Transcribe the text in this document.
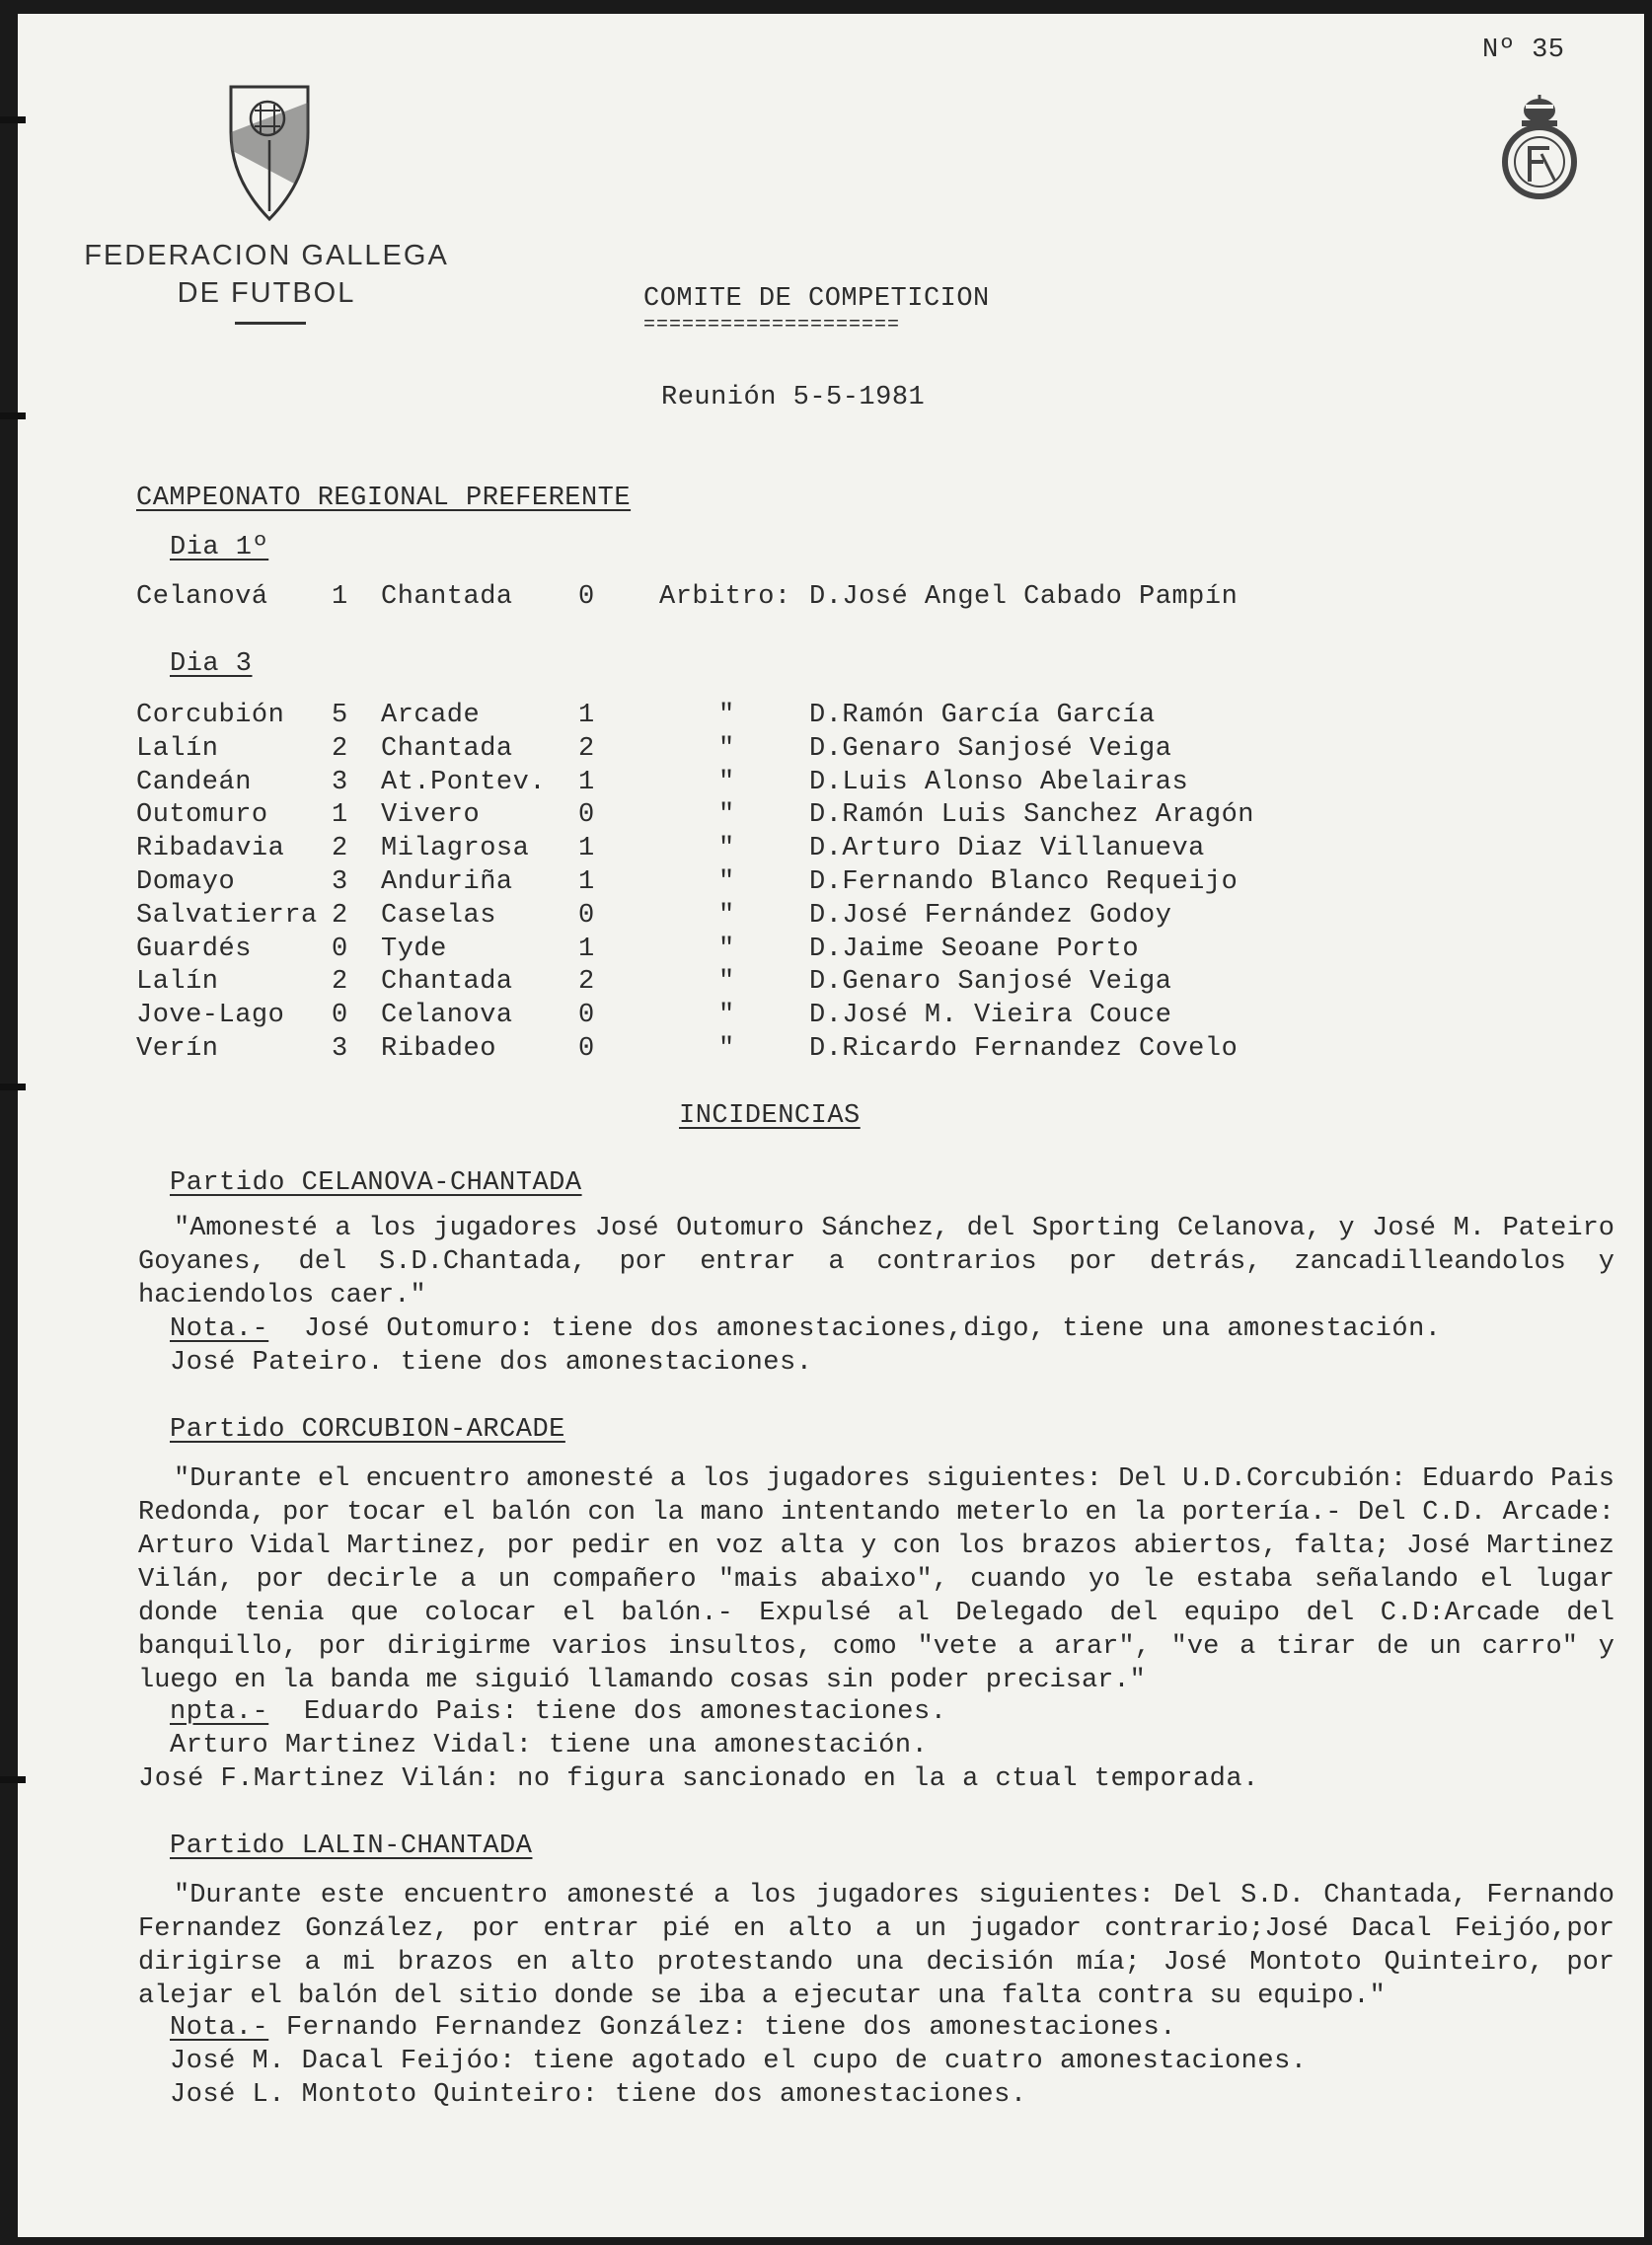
Nº 35
FEDERACION GALLEGA
DE FUTBOL	COMITE DE COMPETICION
====================
Reunión 5-5-1981
CAMPEONATO REGIONAL PREFERENTE
Dia 1º
Celanová 1 Chantada 0 Arbitro: D.José Angel Cabado Pampín
Dia 3
Corcubión 5 Arcade	1	"	D.Ramón García García
Lalín	2 Chantada 2	"	D.Genaro Sanjosé Veiga
Candeán	3 At.Pontev. 1	"	D.Luis Alonso Abelairas
Outomuro 1 Vivero	0	"	D.Ramón Luis Sanchez Aragón
Ribadavia 2 Milagrosa 1	"	D.Arturo Diaz Villanueva
Domayo	3 Anduriña 1	"	D.Fernando Blanco Requeijo
Salvatierra 2 Caselas	0	"	D.José Fernández Godoy
Guardés	0 Tyde	1	"	D.Jaime Seoane Porto
Lalín	2 Chantada 2	"	D.Genaro Sanjosé Veiga
Jove-Lago 0 Celanova 0	"	D.José M. Vieira Couce
Verín	3 Ribadeo	0	"	D.Ricardo Fernandez Covelo
INCIDENCIAS
Partido CELANOVA-CHANTADA

"Amonesté a los jugadores José Outomuro Sánchez, del Sporting Celanova, y José M. Pateiro Goyanes, del S.D.Chantada, por entrar a contrarios por detrás, zancadilleandolos y haciendolos caer."

Nota.- José Outomuro: tiene dos amonestaciones,digo, tiene una amonestación.
José Pateiro. tiene dos amonestaciones.
Partido CORCUBION-ARCADE

"Durante el encuentro amonesté a los jugadores siguientes: Del U.D.Corcubión: Eduardo Pais Redonda, por tocar el balón con la mano intentando meterlo en la portería.- Del C.D. Arcade: Arturo Vidal Martinez, por pedir en voz alta y con los brazos abiertos, falta; José Martinez Vilán, por decirle a un compañero "mais abaixo", cuando yo le estaba señalando el lugar donde tenia que colocar el balón.- Expulsé al Delegado del equipo del C.D:Arcade del banquillo, por dirigirme varios insultos, como "vete a arar", "ve a tirar de un carro" y luego en la banda me siguió llamando cosas sin poder precisar."

npta.- Eduardo Pais: tiene dos amonestaciones.
Arturo Martinez Vidal: tiene una amonestación.
José F.Martinez Vilán: no figura sancionado en la a ctual temporada.
Partido LALIN-CHANTADA

"Durante este encuentro amonesté a los jugadores siguientes: Del S.D. Chantada, Fernando Fernandez González, por entrar pié en alto a un jugador contrario;José Dacal Feijóo,por dirigirse a mi brazos en alto protestando una decisión mía; José Montoto Quinteiro, por alejar el balón del sitio donde se iba a ejecutar una falta contra su equipo."

Nota.- Fernando Fernandez González: tiene dos amonestaciones.
José M. Dacal Feijóo: tiene agotado el cupo de cuatro amonestaciones.
José L. Montoto Quinteiro: tiene dos amonestaciones.
